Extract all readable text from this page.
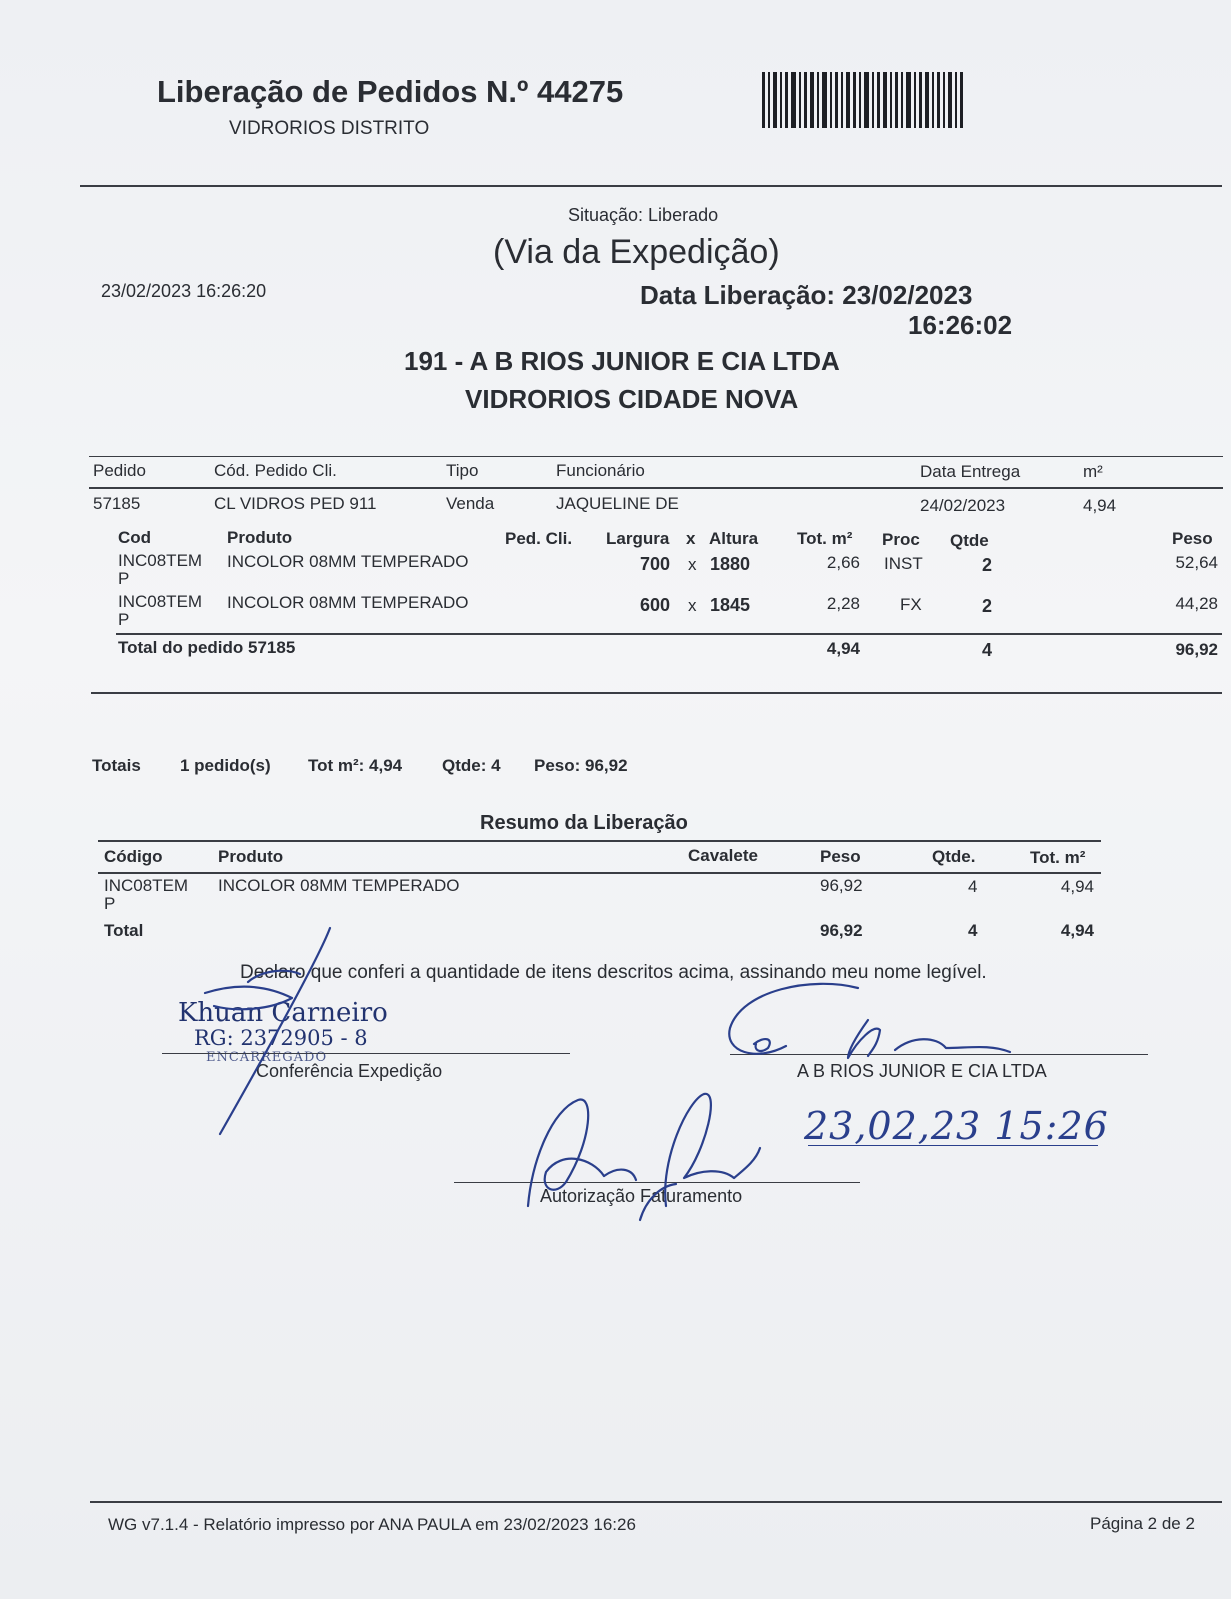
Liberação de Pedidos N.º 44275
VIDRORIOS DISTRITO
Situação: Liberado
(Via da Expedição)
23/02/2023 16:26:20	Data Liberação: 23/02/2023
16:26:02
191 - A B RIOS JUNIOR E CIA LTDA
VIDRORIOS CIDADE NOVA
Pedido	Cód. Pedido Cli.	Tipo	Funcionário	Data Entrega	m²
57185	CL VIDROS PED 911	Venda	JAQUELINE DE	24/02/2023	4,94
Cod	Produto	Ped. Cli. Largura x Altura Tot. m² Proc Qtde	Peso
INC08TEM
P
INCOLOR 08MM TEMPERADO	700 x 1880	2,66 INST	2	52,64
INC08TEM
P
INCOLOR 08MM TEMPERADO	600 x 1845	2,28 FX	2	44,28
Total do pedido 57185	4,94	4	96,92
Totais 1 pedido(s) Tot m²: 4,94 Qtde: 4 Peso: 96,92
Resumo da Liberação
Código	Produto	Cavalete	Peso	Qtde.	Tot. m²
INC08TEM
P
INCOLOR 08MM TEMPERADO	96,92	4	4,94
Total	96,92	4	4,94
Declaro que conferi a quantidade de itens descritos acima, assinando meu nome legível.
Khuan Carneiro
RG: 2372905 - 8
ENCARREGADO
Conferência Expedição	A B RIOS JUNIOR E CIA LTDA
23,02,23 15:26
Autorização Faturamento
WG v7.1.4 - Relatório impresso por ANA PAULA em 23/02/2023 16:26	Página 2 de 2
